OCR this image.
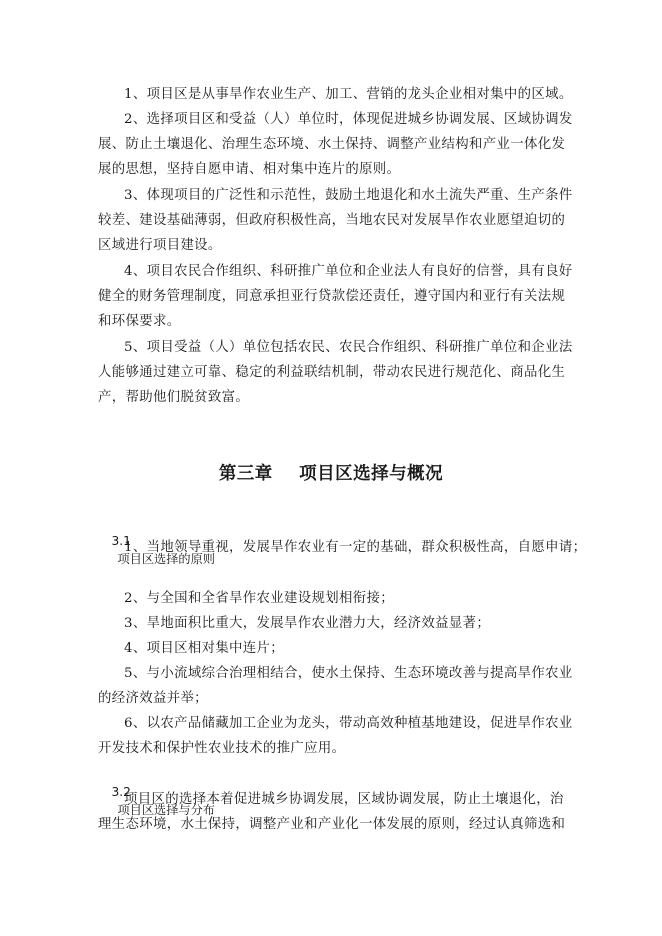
1、项目区是从事旱作农业生产、加工、营销的龙头企业相对集中的区域。
2、选择项目区和受益（人）单位时，体现促进城乡协调发展、区域协调发
展、防止土壤退化、治理生态环境、水土保持、调整产业结构和产业一体化发
展的思想，坚持自愿申请、相对集中连片的原则。
3、体现项目的广泛性和示范性，鼓励土地退化和水土流失严重、生产条件
较差、建设基础薄弱，但政府积极性高，当地农民对发展旱作农业愿望迫切的
区域进行项目建设。
4、项目农民合作组织、科研推广单位和企业法人有良好的信誉，具有良好
健全的财务管理制度，同意承担亚行贷款偿还责任，遵守国内和亚行有关法规
和环保要求。
5、项目受益（人）单位包括农民、农民合作组织、科研推广单位和企业法
人能够通过建立可靠、稳定的利益联结机制，带动农民进行规范化、商品化生
产，帮助他们脱贫致富。
第三章    项目区选择与概况

3.1
项目区选择的原则

1、当地领导重视，发展旱作农业有一定的基础，群众积极性高，自愿申请；
2、与全国和全省旱作农业建设规划相衔接；
3、旱地面积比重大，发展旱作农业潜力大，经济效益显著；
4、项目区相对集中连片；
5、与小流域综合治理相结合，使水土保持、生态环境改善与提高旱作农业
的经济效益并举；
6、以农产品储藏加工企业为龙头，带动高效种植基地建设，促进旱作农业
开发技术和保护性农业技术的推广应用。

3.2
项目区选择与分布

项目区的选择本着促进城乡协调发展，区域协调发展，防止土壤退化，治
理生态环境，水土保持，调整产业和产业化一体发展的原则，经过认真筛选和
